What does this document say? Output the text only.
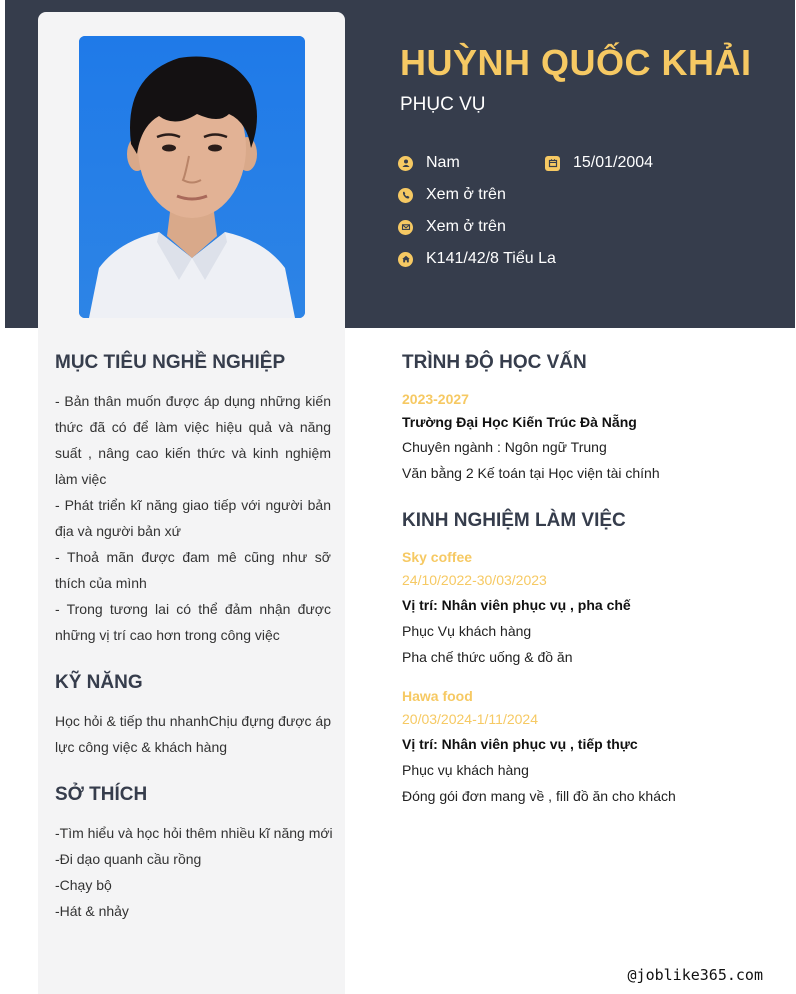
HUỲNH QUỐC KHẢI
PHỤC VỤ
Nam	15/01/2004
Xem ở trên
Xem ở trên
K141/42/8 Tiểu La
MỤC TIÊU NGHỀ NGHIỆP

- Bản thân muốn được áp dụng những kiến thức đã có để làm việc hiệu quả và năng suất , nâng cao kiến thức và kinh nghiệm làm việc

- Phát triển kĩ năng giao tiếp với người bản địa và người bản xứ

- Thoả mãn được đam mê cũng như sỡ thích của mình

- Trong tương lai có thể đảm nhận được những vị trí cao hơn trong công việc

KỸ NĂNG
Học hỏi & tiếp thu nhanhChịu đựng được áp lực công việc & khách hàng
SỞ THÍCH
-Tìm hiểu và học hỏi thêm nhiều kĩ năng mới
-Đi dạo quanh cầu rồng
-Chạy bộ
-Hát & nhảy
TRÌNH ĐỘ HỌC VẤN
2023-2027
Trường Đại Học Kiến Trúc Đà Nẵng
Chuyên ngành : Ngôn ngữ Trung
Văn bằng 2 Kế toán tại Học viện tài chính
KINH NGHIỆM LÀM VIỆC
Sky coffee
24/10/2022-30/03/2023
Vị trí: Nhân viên phục vụ , pha chế
Phục Vụ khách hàng
Pha chế thức uống & đồ ăn
Hawa food
20/03/2024-1/11/2024
Vị trí: Nhân viên phục vụ , tiếp thực
Phục vụ khách hàng
Đóng gói đơn mang về , fill đồ ăn cho khách
@joblike365.com
